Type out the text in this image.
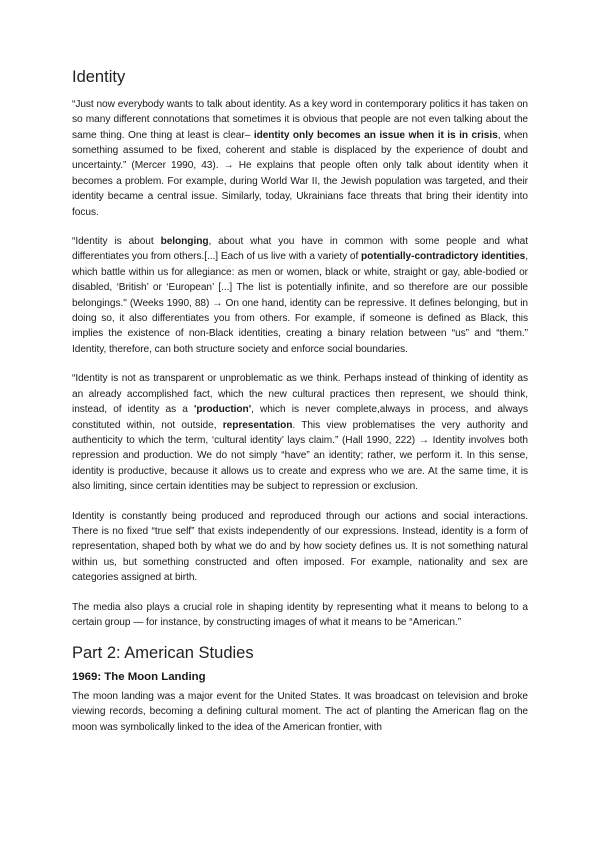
Identity

“Just now everybody wants to talk about identity. As a key word in contemporary politics it has taken on so many different connotations that sometimes it is obvious that people are not even talking about the same thing. One thing at least is clear– identity only becomes an issue when it is in crisis, when something assumed to be fixed, coherent and stable is displaced by the experience of doubt and uncertainty.” (Mercer 1990, 43). → He explains that people often only talk about identity when it becomes a problem. For example, during World War II, the Jewish population was targeted, and their identity became a central issue. Similarly, today, Ukrainians face threats that bring their identity into focus.

“Identity is about belonging, about what you have in common with some people and what differentiates you from others.[...] Each of us live with a variety of potentially-contradictory identities, which battle within us for allegiance: as men or women, black or white, straight or gay, able-bodied or disabled, ‘British’ or ‘European’ [...] The list is potentially infinite, and so therefore are our possible belongings." (Weeks 1990, 88) → On one hand, identity can be repressive. It defines belonging, but in doing so, it also differentiates you from others. For example, if someone is defined as Black, this implies the existence of non-Black identities, creating a binary relation between “us” and “them.” Identity, therefore, can both structure society and enforce social boundaries.

“Identity is not as transparent or unproblematic as we think. Perhaps instead of thinking of identity as an already accomplished fact, which the new cultural practices then represent, we should think, instead, of identity as a 'production', which is never complete,always in process, and always constituted within, not outside, representation. This view problematises the very authority and authenticity to which the term, ‘cultural identity’ lays claim.” (Hall 1990, 222) → Identity involves both repression and production. We do not simply “have” an identity; rather, we perform it. In this sense, identity is productive, because it allows us to create and express who we are. At the same time, it is also limiting, since certain identities may be subject to repression or exclusion.

Identity is constantly being produced and reproduced through our actions and social interactions. There is no fixed “true self” that exists independently of our expressions. Instead, identity is a form of representation, shaped both by what we do and by how society defines us. It is not something natural within us, but something constructed and often imposed. For example, nationality and sex are categories assigned at birth.

The media also plays a crucial role in shaping identity by representing what it means to belong to a certain group — for instance, by constructing images of what it means to be “American.”

Part 2: American Studies
1969: The Moon Landing

The moon landing was a major event for the United States. It was broadcast on television and broke viewing records, becoming a defining cultural moment. The act of planting the American flag on the moon was symbolically linked to the idea of the American frontier, with
